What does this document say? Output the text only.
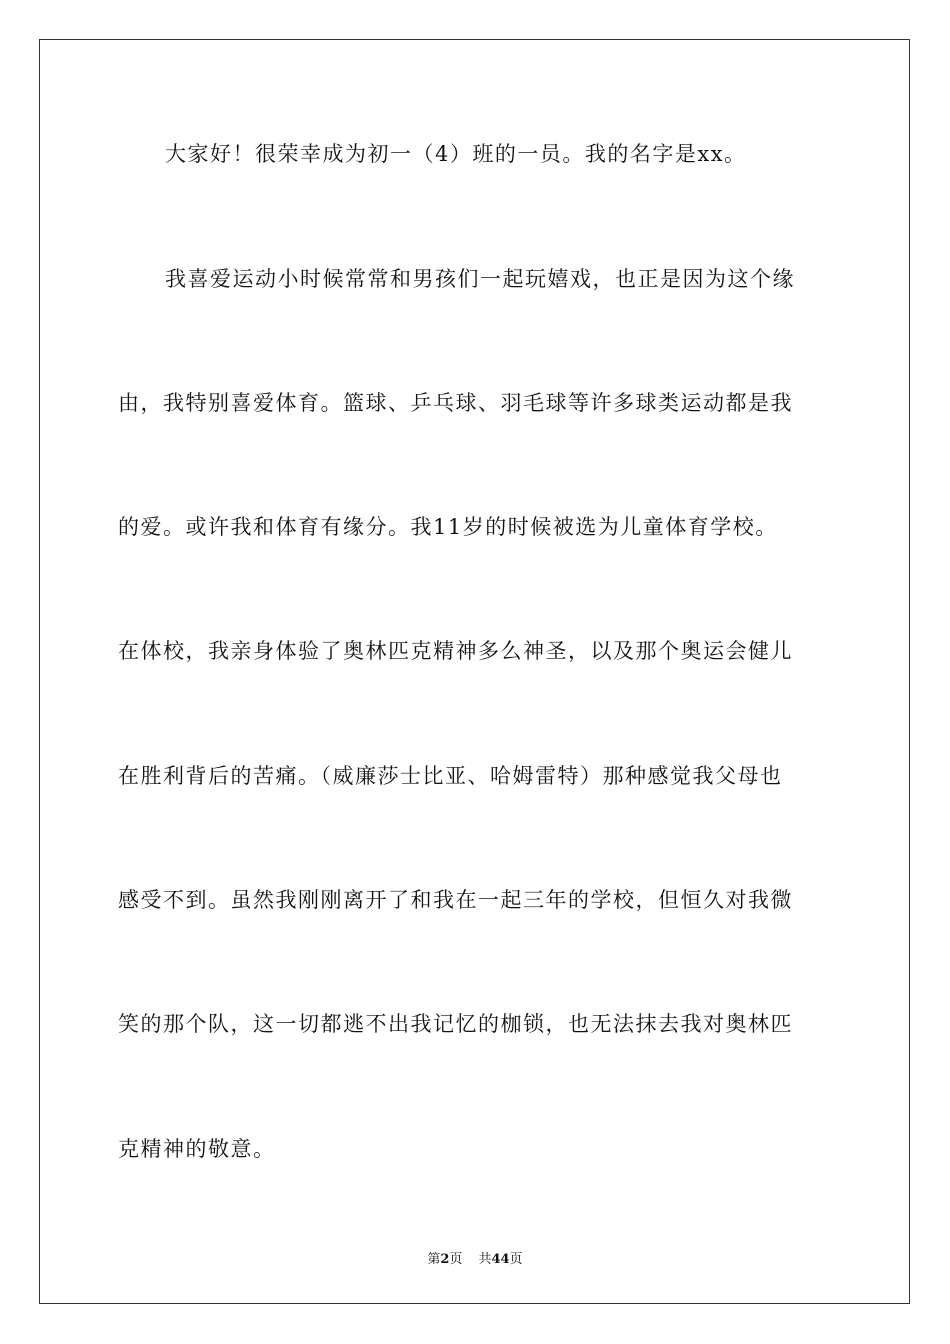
大家好！很荣幸成为初一（4）班的一员。我的名字是xx。
我喜爱运动小时候常常和男孩们一起玩嬉戏，也正是因为这个缘
由，我特别喜爱体育。篮球、乒乓球、羽毛球等许多球类运动都是我
的爱。或许我和体育有缘分。我11岁的时候被选为儿童体育学校。
在体校，我亲身体验了奥林匹克精神多么神圣，以及那个奥运会健儿
在胜利背后的苦痛。（威廉莎士比亚、哈姆雷特）那种感觉我父母也
感受不到。虽然我刚刚离开了和我在一起三年的学校，但恒久对我微
笑的那个队，这一切都逃不出我记忆的枷锁，也无法抹去我对奥林匹
克精神的敬意。
第2页 共44页
